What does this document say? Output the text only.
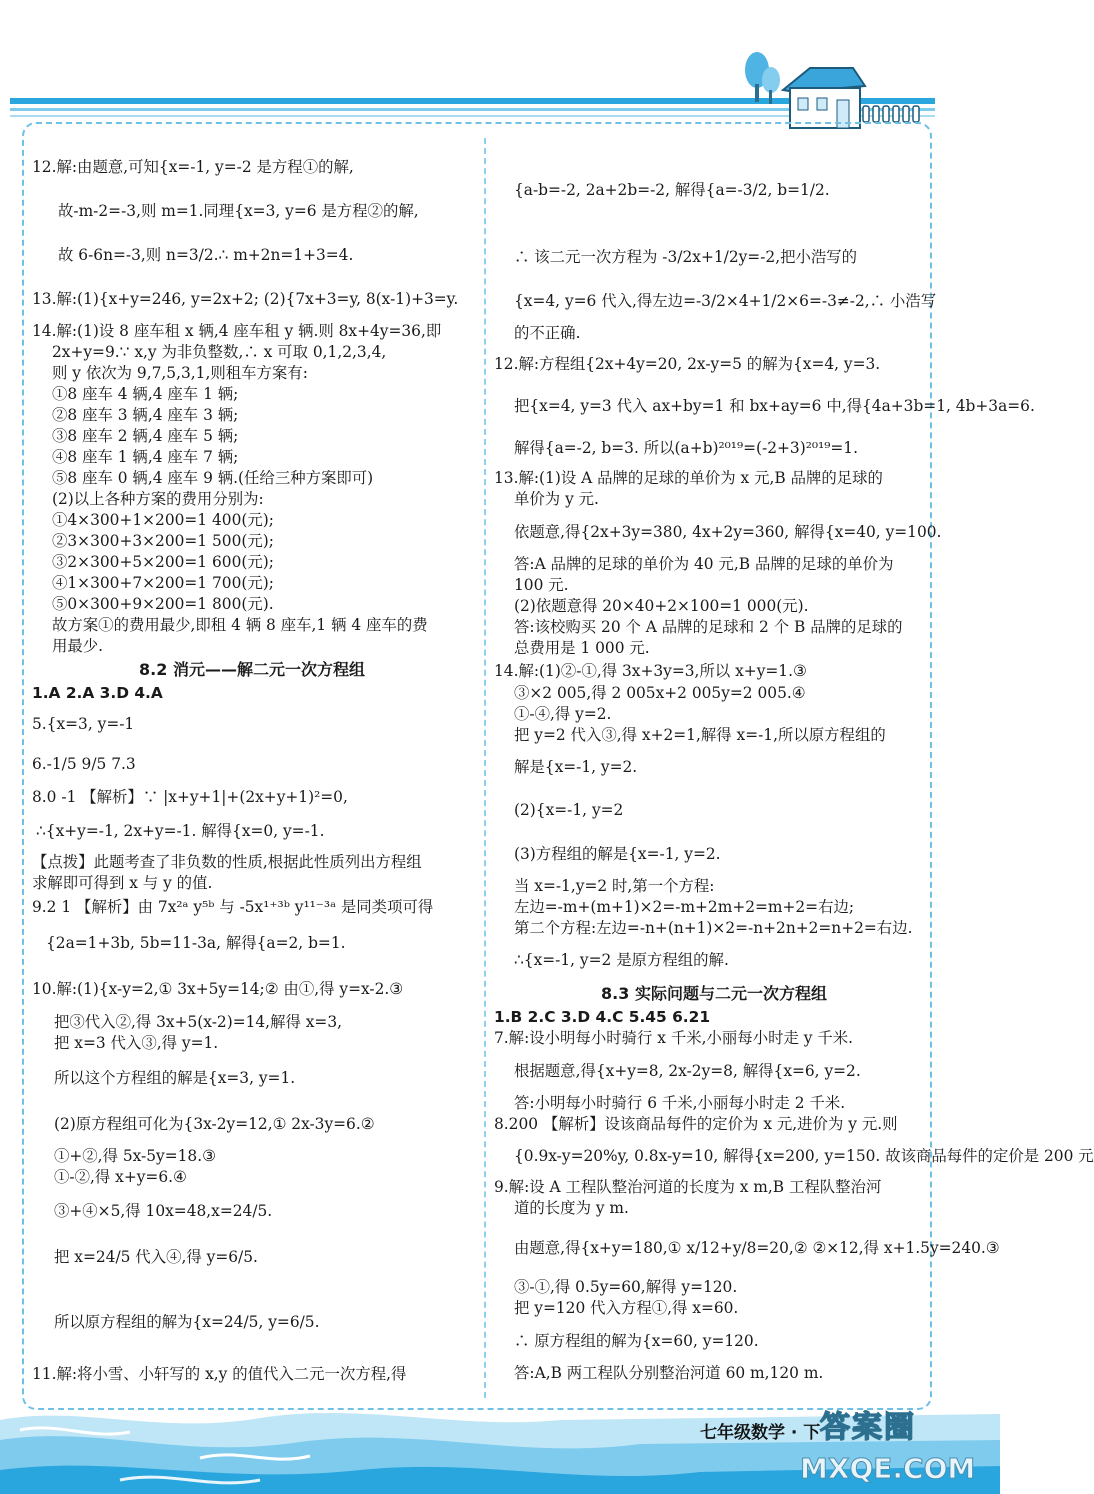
12.解:由题意,可知{x=-1, y=-2 是方程①的解,
故-m-2=-3,则 m=1.同理{x=3, y=6 是方程②的解,
故 6-6n=-3,则 n=3/2.∴ m+2n=1+3=4.
13.解:(1){x+y=246, y=2x+2; (2){7x+3=y, 8(x-1)+3=y.
14.解:(1)设 8 座车租 x 辆,4 座车租 y 辆.则 8x+4y=36,即
2x+y=9.∵ x,y 为非负整数,∴ x 可取 0,1,2,3,4,
则 y 依次为 9,7,5,3,1,则租车方案有:
①8 座车 4 辆,4 座车 1 辆;
②8 座车 3 辆,4 座车 3 辆;
③8 座车 2 辆,4 座车 5 辆;
④8 座车 1 辆,4 座车 7 辆;
⑤8 座车 0 辆,4 座车 9 辆.(任给三种方案即可)
(2)以上各种方案的费用分别为:
①4×300+1×200=1 400(元);
②3×300+3×200=1 500(元);
③2×300+5×200=1 600(元);
④1×300+7×200=1 700(元);
⑤0×300+9×200=1 800(元).
故方案①的费用最少,即租 4 辆 8 座车,1 辆 4 座车的费
用最少.
8.2 消元——解二元一次方程组
1.A 2.A 3.D 4.A
5.{x=3, y=-1
6.-1/5 9/5 7.3
8.0 -1 【解析】∵ |x+y+1|+(2x+y+1)²=0,
∴{x+y=-1, 2x+y=-1. 解得{x=0, y=-1.
【点拨】此题考查了非负数的性质,根据此性质列出方程组
求解即可得到 x 与 y 的值.
9.2 1 【解析】由 7x²ᵃ y⁵ᵇ 与 -5x¹⁺³ᵇ y¹¹⁻³ᵃ 是同类项可得
{2a=1+3b, 5b=11-3a, 解得{a=2, b=1.
10.解:(1){x-y=2,① 3x+5y=14;② 由①,得 y=x-2.③
把③代入②,得 3x+5(x-2)=14,解得 x=3,
把 x=3 代入③,得 y=1.
所以这个方程组的解是{x=3, y=1.
(2)原方程组可化为{3x-2y=12,① 2x-3y=6.②
①+②,得 5x-5y=18.③
①-②,得 x+y=6.④
③+④×5,得 10x=48,x=24/5.
把 x=24/5 代入④,得 y=6/5.
所以原方程组的解为{x=24/5, y=6/5.
11.解:将小雪、小轩写的 x,y 的值代入二元一次方程,得
{a-b=-2, 2a+2b=-2, 解得{a=-3/2, b=1/2.
∴ 该二元一次方程为 -3/2x+1/2y=-2,把小浩写的
{x=4, y=6 代入,得左边=-3/2×4+1/2×6=-3≠-2,∴ 小浩写
的不正确.
12.解:方程组{2x+4y=20, 2x-y=5 的解为{x=4, y=3.
把{x=4, y=3 代入 ax+by=1 和 bx+ay=6 中,得{4a+3b=1, 4b+3a=6.
解得{a=-2, b=3. 所以(a+b)²⁰¹⁹=(-2+3)²⁰¹⁹=1.
13.解:(1)设 A 品牌的足球的单价为 x 元,B 品牌的足球的
单价为 y 元.
依题意,得{2x+3y=380, 4x+2y=360, 解得{x=40, y=100.
答:A 品牌的足球的单价为 40 元,B 品牌的足球的单价为
100 元.
(2)依题意得 20×40+2×100=1 000(元).
答:该校购买 20 个 A 品牌的足球和 2 个 B 品牌的足球的
总费用是 1 000 元.
14.解:(1)②-①,得 3x+3y=3,所以 x+y=1.③
③×2 005,得 2 005x+2 005y=2 005.④
①-④,得 y=2.
把 y=2 代入③,得 x+2=1,解得 x=-1,所以原方程组的
解是{x=-1, y=2.
(2){x=-1, y=2
(3)方程组的解是{x=-1, y=2.
当 x=-1,y=2 时,第一个方程:
左边=-m+(m+1)×2=-m+2m+2=m+2=右边;
第二个方程:左边=-n+(n+1)×2=-n+2n+2=n+2=右边.
∴{x=-1, y=2 是原方程组的解.
8.3 实际问题与二元一次方程组
1.B 2.C 3.D 4.C 5.45 6.21
7.解:设小明每小时骑行 x 千米,小丽每小时走 y 千米.
根据题意,得{x+y=8, 2x-2y=8, 解得{x=6, y=2.
答:小明每小时骑行 6 千米,小丽每小时走 2 千米.
8.200 【解析】设该商品每件的定价为 x 元,进价为 y 元.则
{0.9x-y=20%y, 0.8x-y=10, 解得{x=200, y=150. 故该商品每件的定价是 200 元
9.解:设 A 工程队整治河道的长度为 x m,B 工程队整治河
道的长度为 y m.
由题意,得{x+y=180,① x/12+y/8=20,② ②×12,得 x+1.5y=240.③
③-①,得 0.5y=60,解得 y=120.
把 y=120 代入方程①,得 x=60.
∴ 原方程组的解为{x=60, y=120.
答:A,B 两工程队分别整治河道 60 m,120 m.
七年级数学 · 下 答案圈
MXQE.COM
